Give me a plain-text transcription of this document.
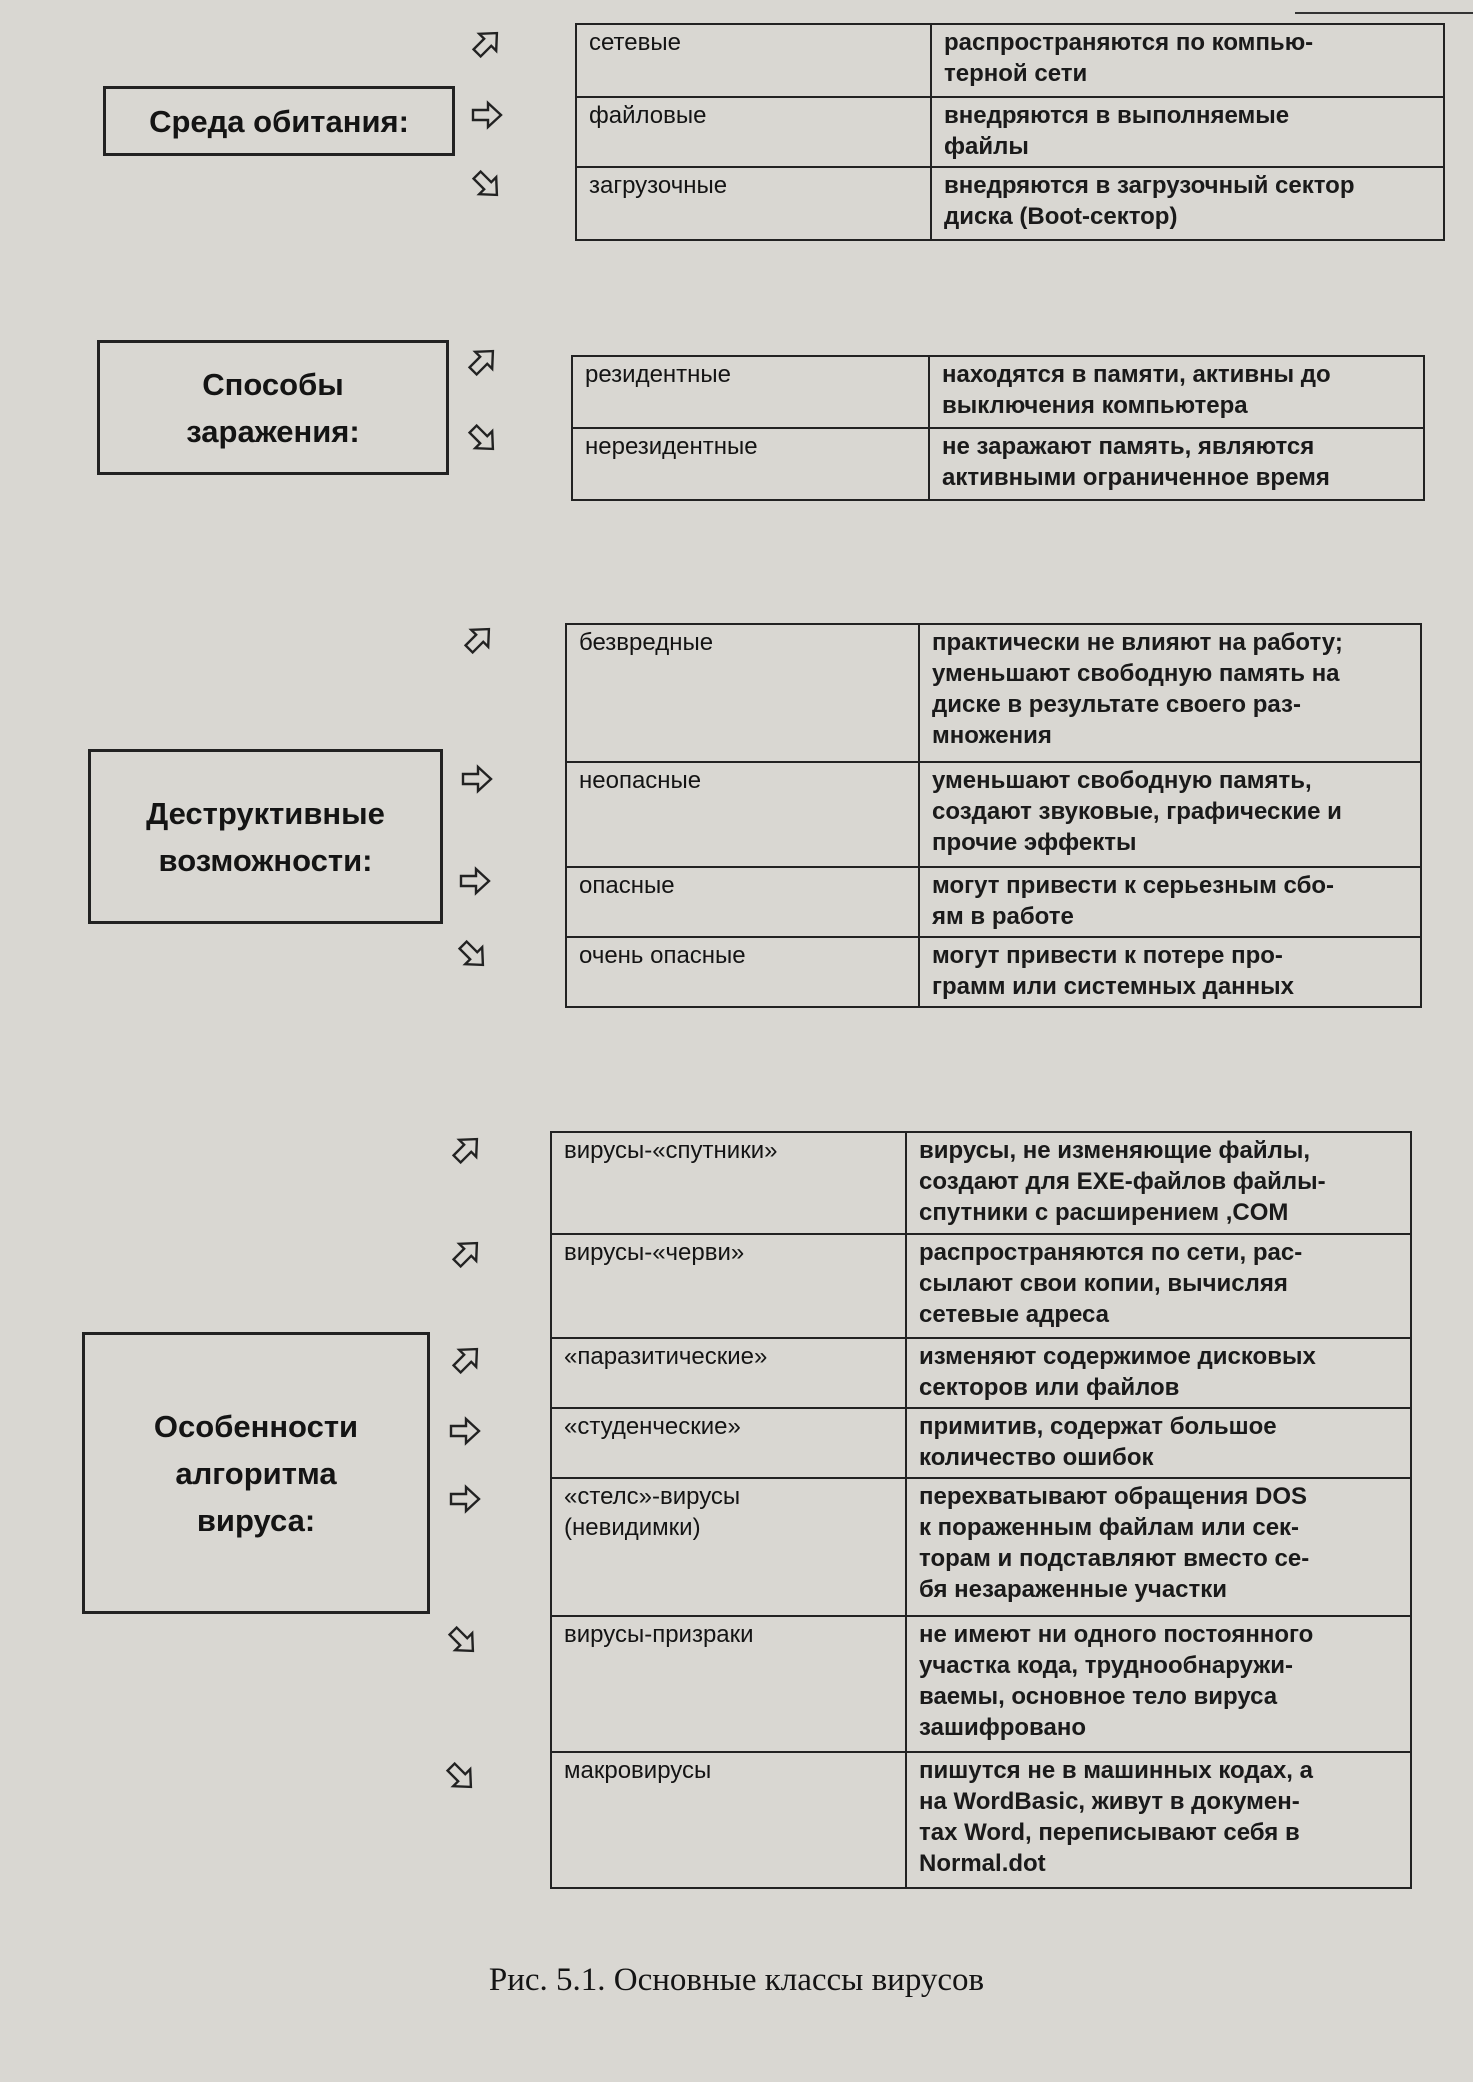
Среда обитания:
сетевые	распространяются по компью-
терной сети
файловые	внедряются в выполняемые
файлы
загрузочные	внедряются в загрузочный сектор
диска (Boot-сектор)
Способы
заражения:
резидентные	находятся в памяти, активны до
выключения компьютера
нерезидентные	не заражают память, являются
активными ограниченное время
Деструктивные
возможности:
безвредные	практически не влияют на работу;
уменьшают свободную память на
диске в результате своего раз-
множения
неопасные	уменьшают свободную память,
создают звуковые, графические и
прочие эффекты
опасные	могут привести к серьезным сбо-
ям в работе
очень опасные	могут привести к потере про-
грамм или системных данных
Особенности
алгоритма
вируса:
вирусы-«спутники»	вирусы, не изменяющие файлы,
создают для EXE-файлов файлы-
спутники с расширением ,COM
вирусы-«черви»	распространяются по сети, рас-
сылают свои копии, вычисляя
сетевые адреса
«паразитические»	изменяют содержимое дисковых
секторов или файлов
«студенческие»	примитив, содержат большое
количество ошибок
«стелс»-вирусы
(невидимки)	перехватывают обращения DOS
к пораженным файлам или сек-
торам и подставляют вместо се-
бя незараженные участки
вирусы-призраки	не имеют ни одного постоянного
участка кода, труднообнаружи-
ваемы, основное тело вируса
зашифровано
макровирусы	пишутся не в машинных кодах, а
на WordBasic, живут в докумен-
тах Word, переписывают себя в
Normal.dot
Рис. 5.1. Основные классы вирусов
